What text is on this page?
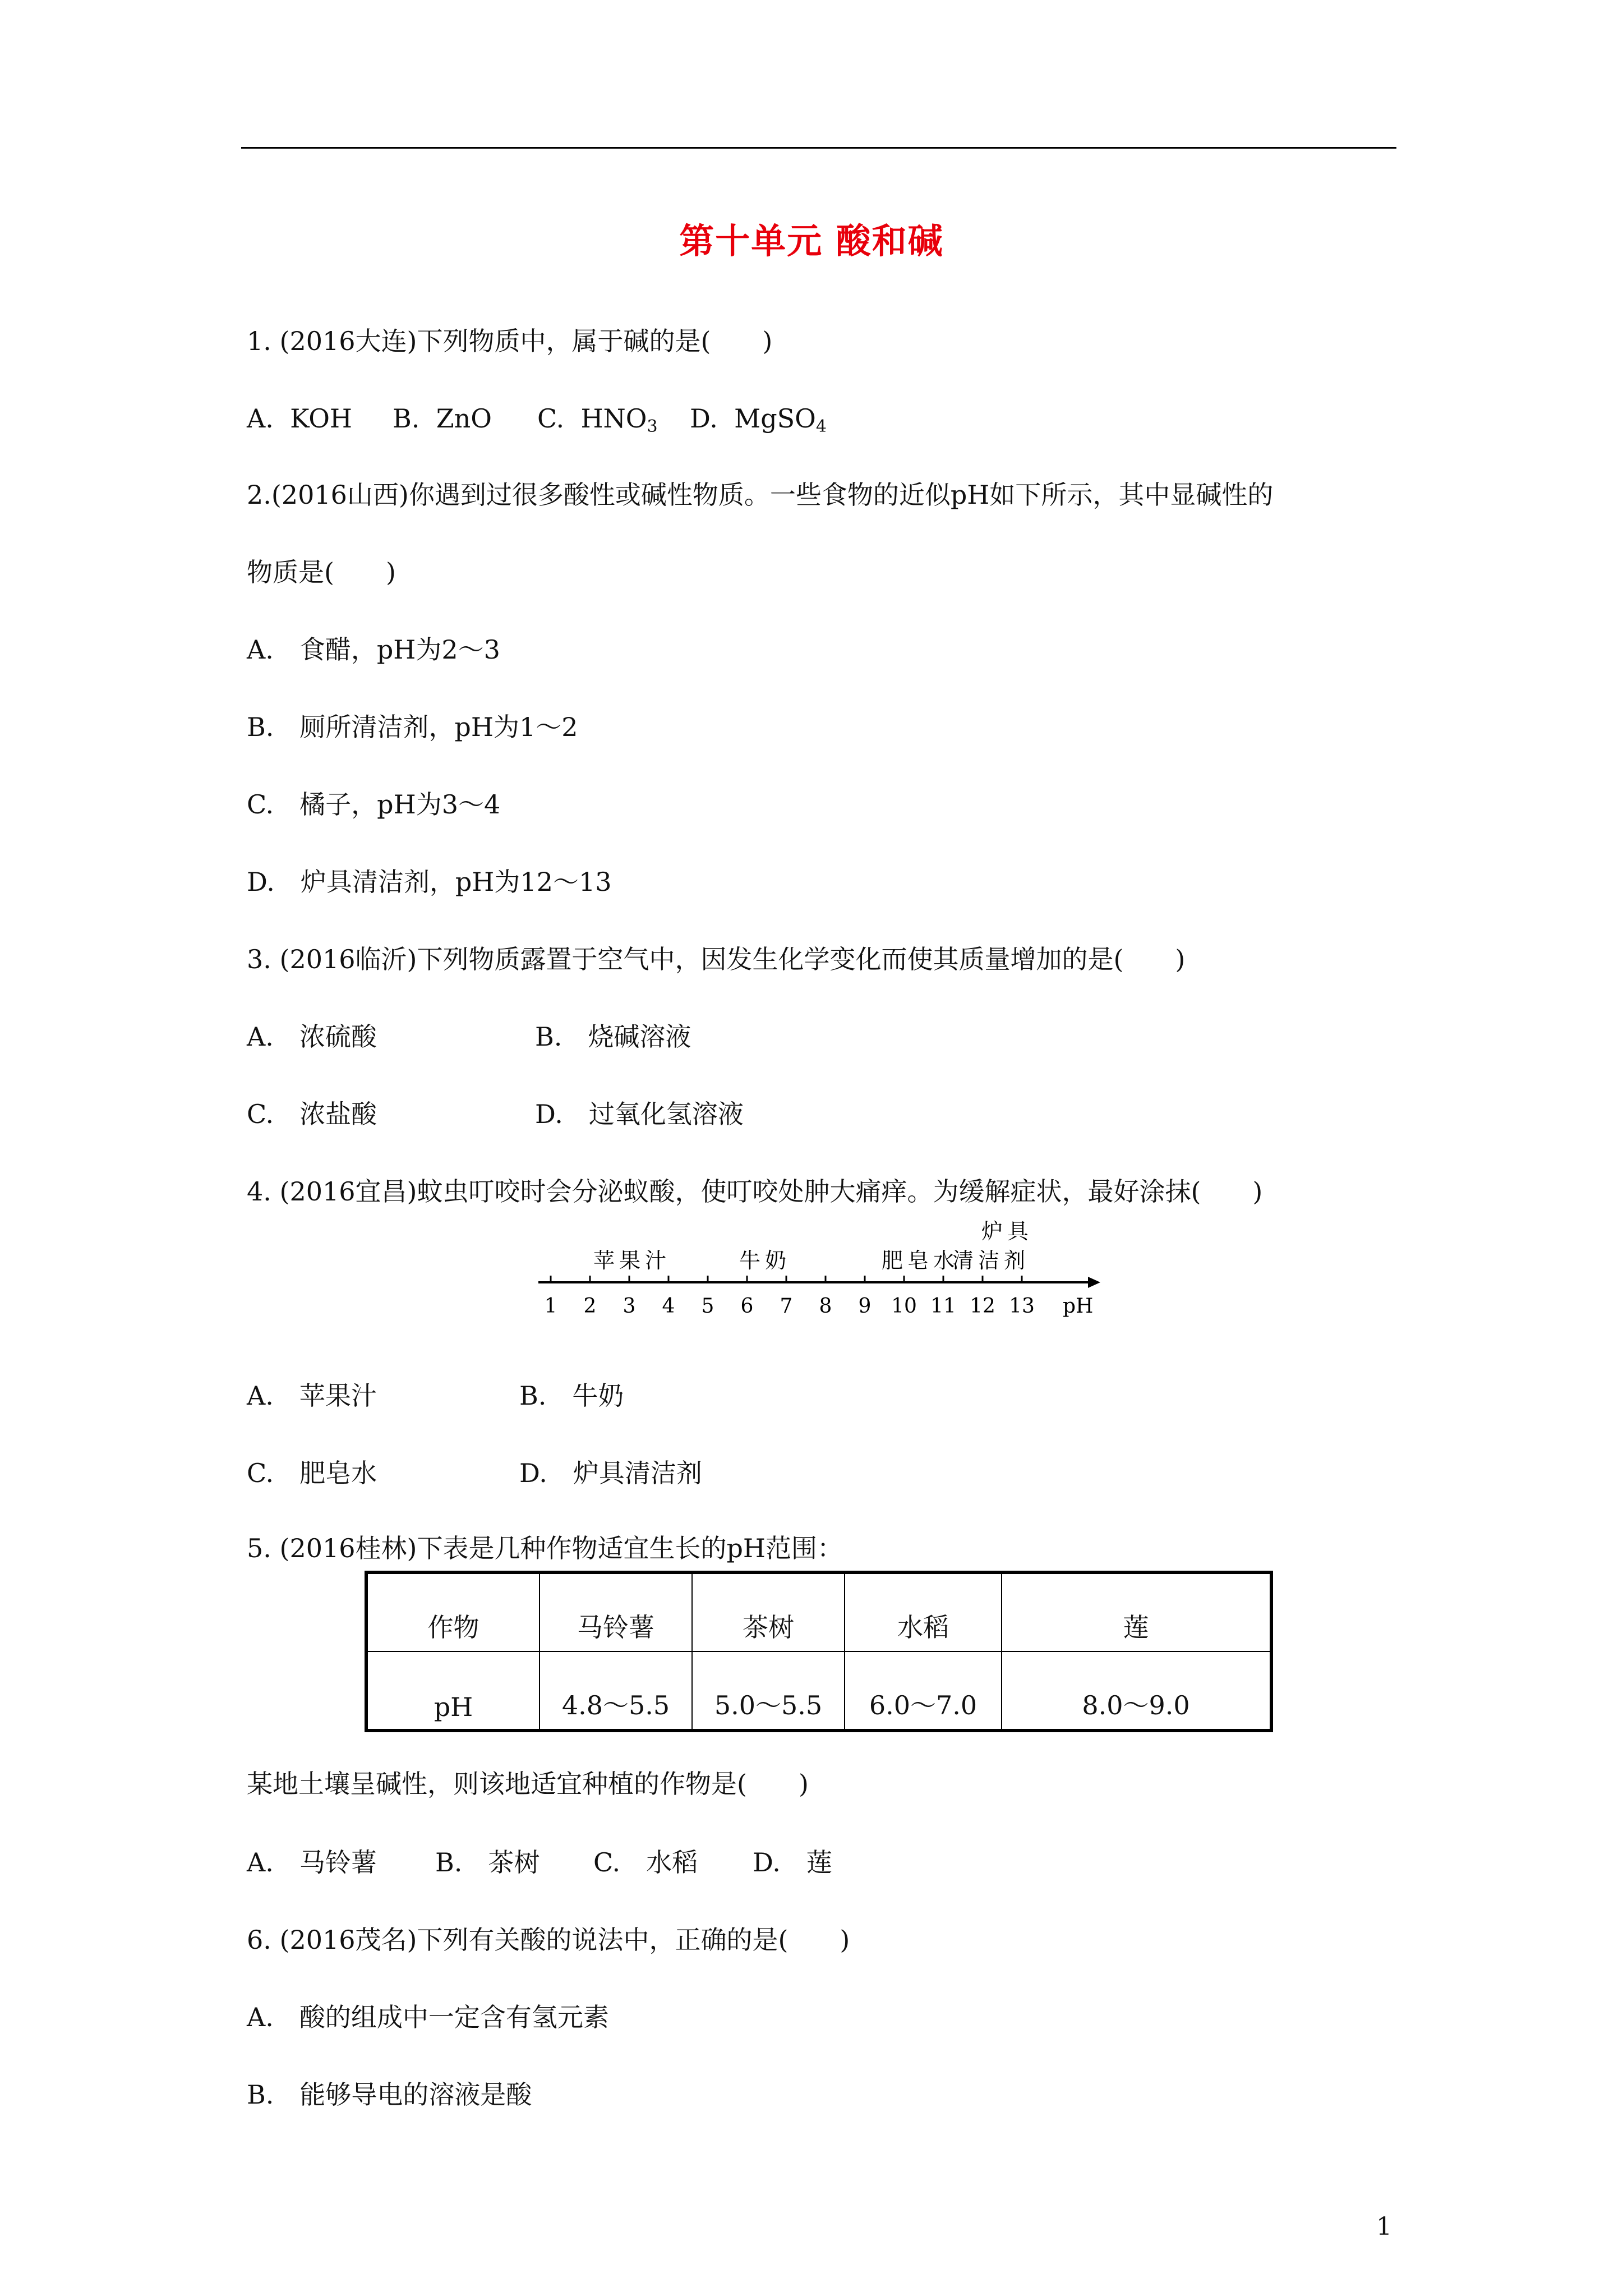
第十单元 酸和碱
1. (2016大连)下列物质中，属于碱的是(　　)
A. KOH B. ZnO C. $HNO_3$ D. MgSO$_4$
2.(2016山西)你遇到过很多酸性或碱性物质。一些食物的近似pH如下所示，其中显碱性的
物质是(　　)
A.　食醋，pH为2～3
B.　厕所清洁剂，pH为1～2
C.　橘子，pH为3～4
D.　炉具清洁剂，pH为12～13
3. (2016临沂)下列物质露置于空气中，因发生化学变化而使其质量增加的是(　　)
A.　浓硫酸	B.　烧碱溶液
C.　浓盐酸	D.　过氧化氢溶液
4. (2016宜昌)蚊虫叮咬时会分泌蚁酸，使叮咬处肿大痛痒。为缓解症状，最好涂抹(　　)
1 2 3 4 5 6 7 8 9 10 11 12 13 pH
苹果汁	牛奶	肥皂水
炉具
清洁剂
A.　苹果汁	B.　牛奶
C.　肥皂水	D.　炉具清洁剂
5. (2016桂林)下表是几种作物适宜生长的pH范围：
作物	马铃薯	茶树	水稻	莲
pH	4.8～5.5	5.0～5.5	6.0～7.0	8.0～9.0
某地土壤呈碱性，则该地适宜种植的作物是(　　)
A.　马铃薯 B.　茶树 C.　水稻 D.　莲
6. (2016茂名)下列有关酸的说法中，正确的是(　　)
A.　酸的组成中一定含有氢元素
B.　能够导电的溶液是酸
1
